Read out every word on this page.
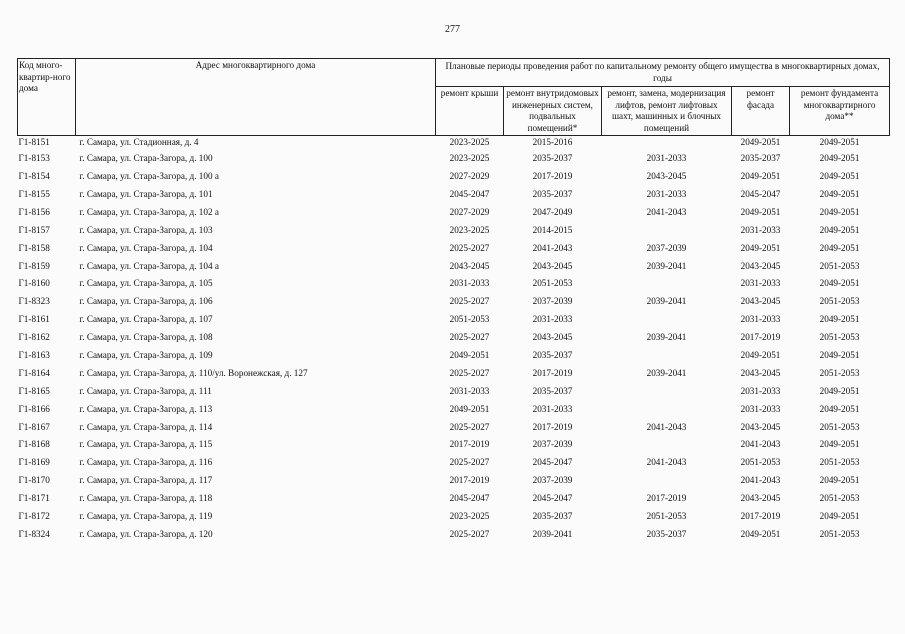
277
Код много-квартир-ного дома	Адрес многоквартирного дома	Плановые периоды проведения работ по капитальному ремонту общего имущества в многоквартирных домах, годы				
		ремонт крыши	ремонт внутридомовых инженерных систем, подвальных помещений*	ремонт, замена, модернизация лифтов, ремонт лифтовых шахт, машинных и блочных помещений	ремонт фасада	ремонт фундамента многоквартирного дома**
Г1-8151	г. Самара, ул. Стадионная, д. 4	2023-2025	2015-2016		2049-2051	2049-2051
Г1-8153	г. Самара, ул. Стара-Загора, д. 100	2023-2025	2035-2037	2031-2033	2035-2037	2049-2051
Г1-8154	г. Самара, ул. Стара-Загора, д. 100 а	2027-2029	2017-2019	2043-2045	2049-2051	2049-2051
Г1-8155	г. Самара, ул. Стара-Загора, д. 101	2045-2047	2035-2037	2031-2033	2045-2047	2049-2051
Г1-8156	г. Самара, ул. Стара-Загора, д. 102 а	2027-2029	2047-2049	2041-2043	2049-2051	2049-2051
Г1-8157	г. Самара, ул. Стара-Загора, д. 103	2023-2025	2014-2015		2031-2033	2049-2051
Г1-8158	г. Самара, ул. Стара-Загора, д. 104	2025-2027	2041-2043	2037-2039	2049-2051	2049-2051
Г1-8159	г. Самара, ул. Стара-Загора, д. 104 а	2043-2045	2043-2045	2039-2041	2043-2045	2051-2053
Г1-8160	г. Самара, ул. Стара-Загора, д. 105	2031-2033	2051-2053		2031-2033	2049-2051
Г1-8323	г. Самара, ул. Стара-Загора, д. 106	2025-2027	2037-2039	2039-2041	2043-2045	2051-2053
Г1-8161	г. Самара, ул. Стара-Загора, д. 107	2051-2053	2031-2033		2031-2033	2049-2051
Г1-8162	г. Самара, ул. Стара-Загора, д. 108	2025-2027	2043-2045	2039-2041	2017-2019	2051-2053
Г1-8163	г. Самара, ул. Стара-Загора, д. 109	2049-2051	2035-2037		2049-2051	2049-2051
Г1-8164	г. Самара, ул. Стара-Загора, д. 110/ул. Воронежская, д. 127	2025-2027	2017-2019	2039-2041	2043-2045	2051-2053
Г1-8165	г. Самара, ул. Стара-Загора, д. 111	2031-2033	2035-2037		2031-2033	2049-2051
Г1-8166	г. Самара, ул. Стара-Загора, д. 113	2049-2051	2031-2033		2031-2033	2049-2051
Г1-8167	г. Самара, ул. Стара-Загора, д. 114	2025-2027	2017-2019	2041-2043	2043-2045	2051-2053
Г1-8168	г. Самара, ул. Стара-Загора, д. 115	2017-2019	2037-2039		2041-2043	2049-2051
Г1-8169	г. Самара, ул. Стара-Загора, д. 116	2025-2027	2045-2047	2041-2043	2051-2053	2051-2053
Г1-8170	г. Самара, ул. Стара-Загора, д. 117	2017-2019	2037-2039		2041-2043	2049-2051
Г1-8171	г. Самара, ул. Стара-Загора, д. 118	2045-2047	2045-2047	2017-2019	2043-2045	2051-2053
Г1-8172	г. Самара, ул. Стара-Загора, д. 119	2023-2025	2035-2037	2051-2053	2017-2019	2049-2051
Г1-8324	г. Самара, ул. Стара-Загора, д. 120	2025-2027	2039-2041	2035-2037	2049-2051	2051-2053
